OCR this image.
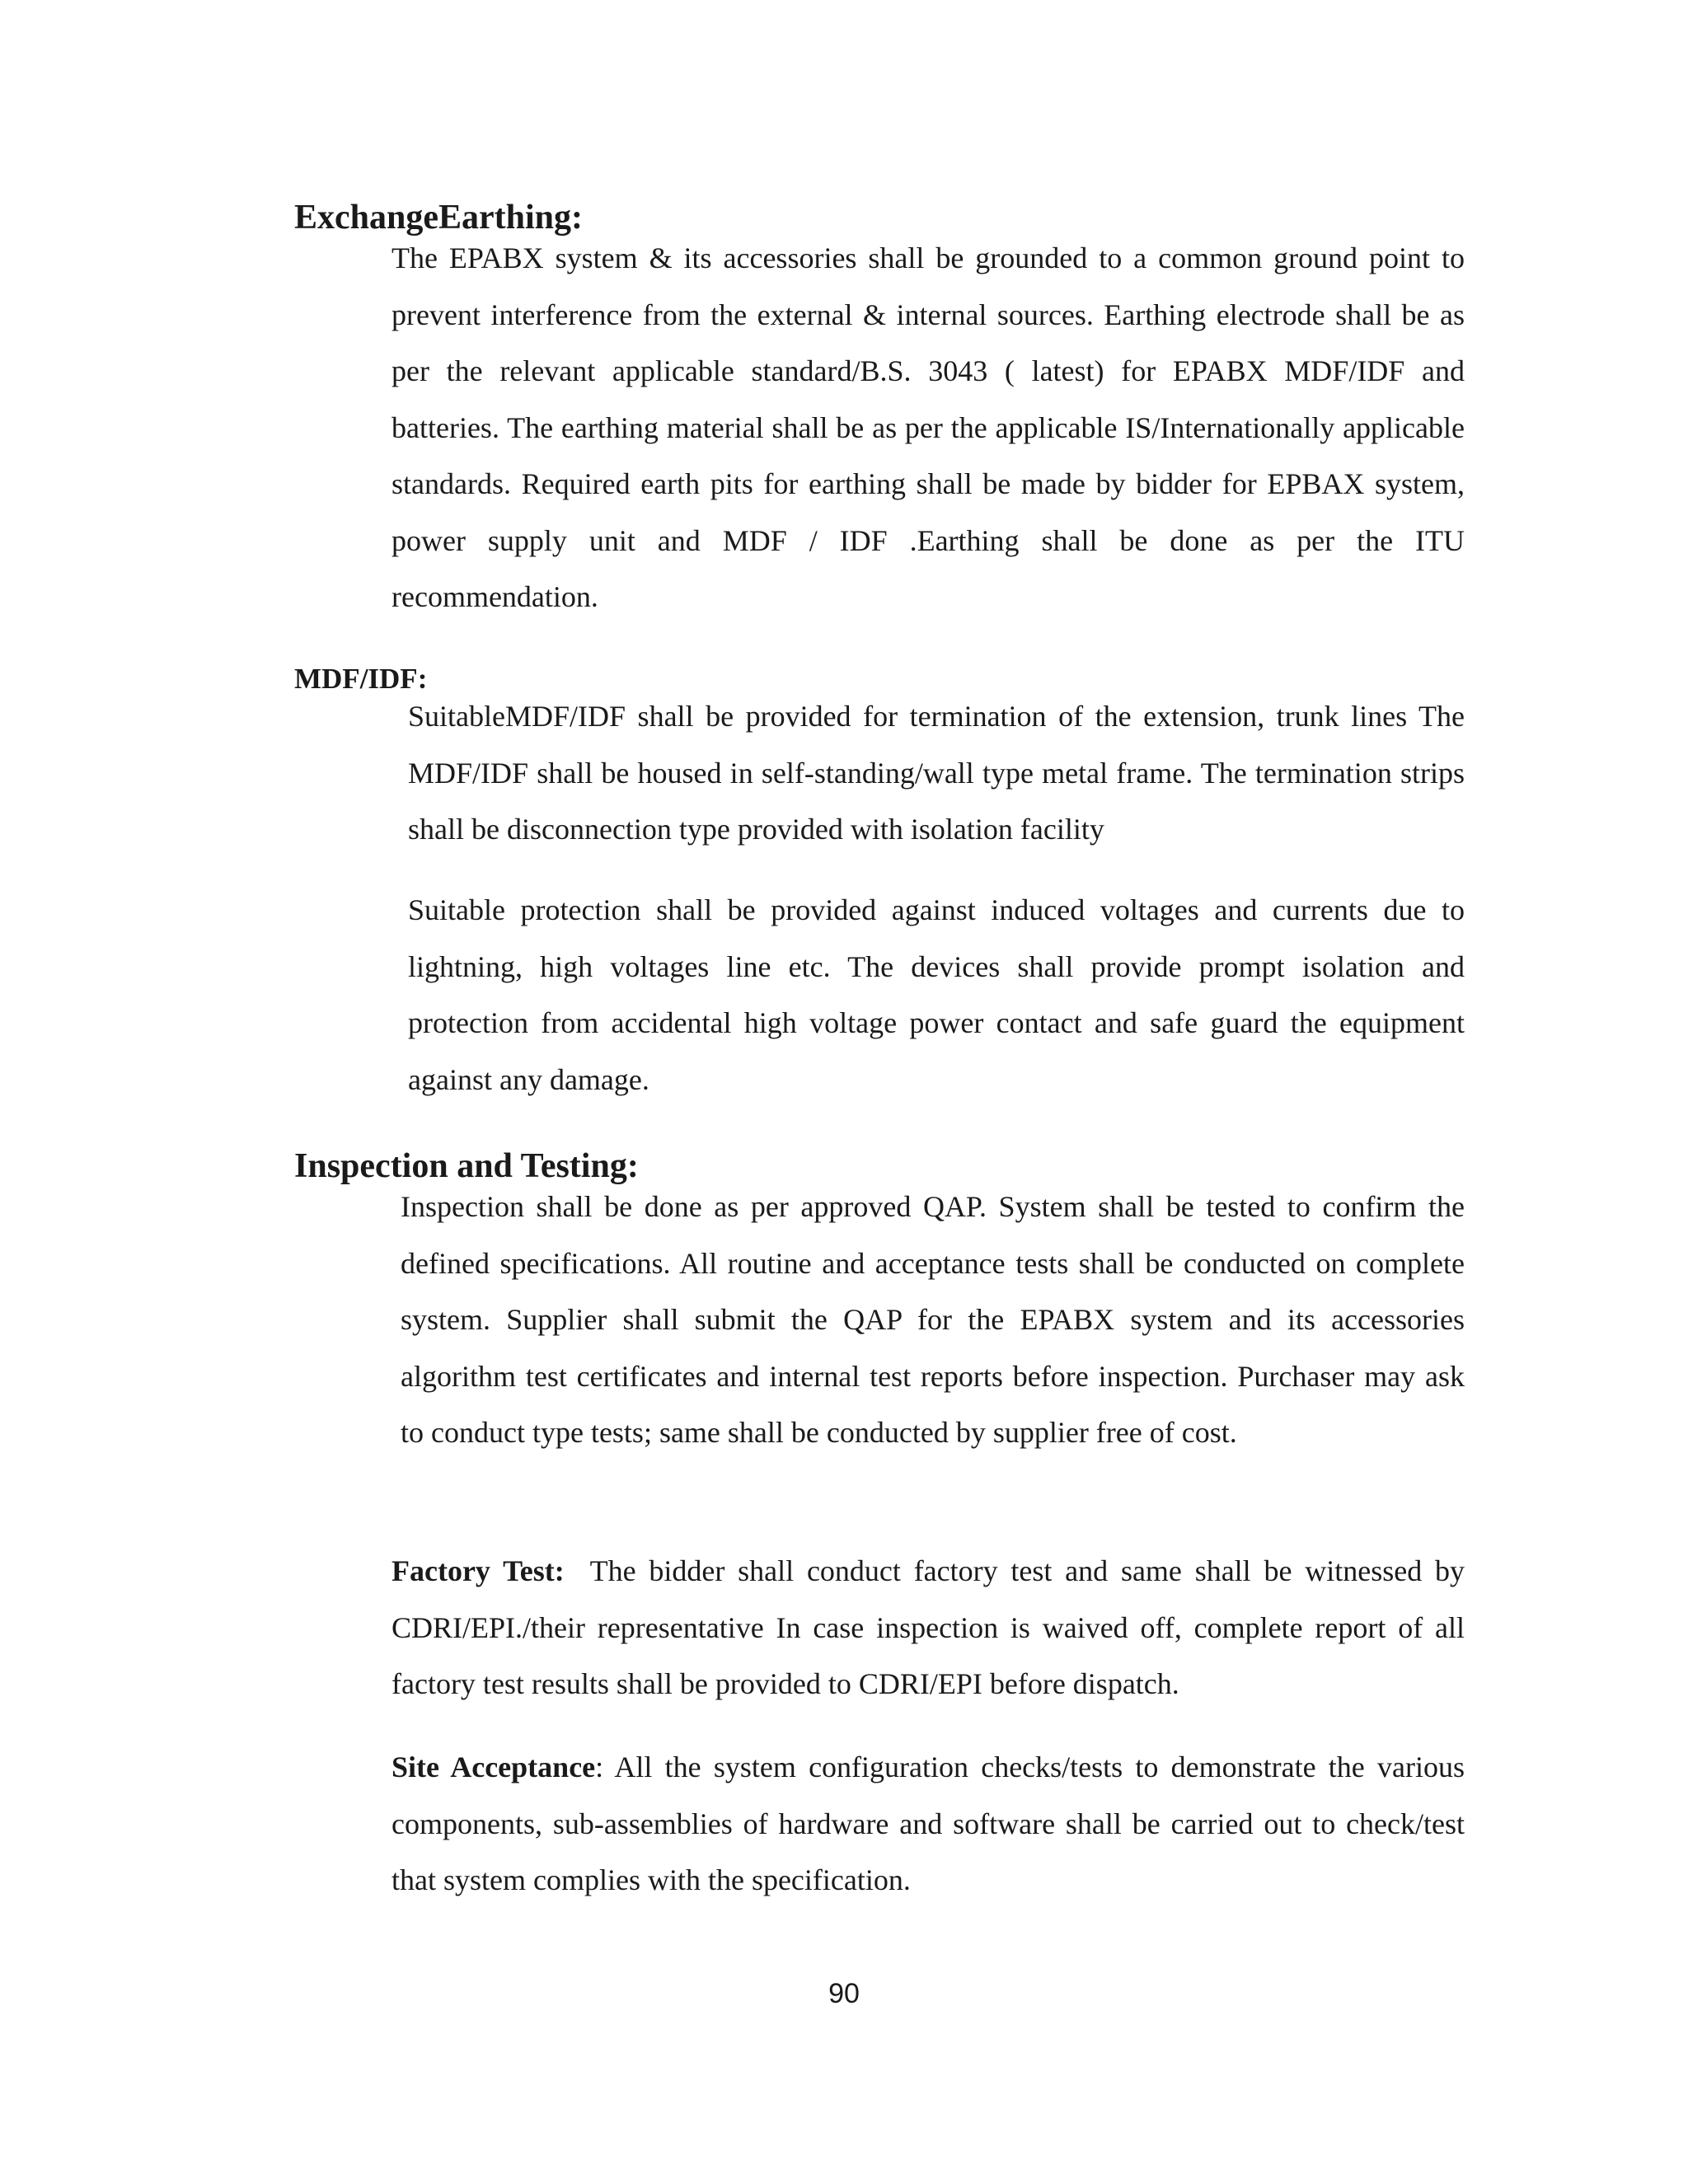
ExchangeEarthing:

The EPABX system & its accessories shall be grounded to a common ground point to prevent interference from the external & internal sources. Earthing electrode shall be as per the relevant applicable standard/B.S. 3043 ( latest) for EPABX MDF/IDF and batteries. The earthing material shall be as per the applicable IS/Internationally applicable standards. Required earth pits for earthing shall be made by bidder for EPBAX system, power supply unit and MDF / IDF .Earthing shall be done as per the ITU recommendation.

MDF/IDF:

SuitableMDF/IDF shall be provided for termination of the extension, trunk lines The MDF/IDF shall be housed in self-standing/wall type metal frame. The termination strips shall be disconnection type provided with isolation facility

Suitable protection shall be provided against induced voltages and currents due to lightning, high voltages line etc. The devices shall provide prompt isolation and protection from accidental high voltage power contact and safe guard the equipment against any damage.

Inspection and Testing:

Inspection shall be done as per approved QAP. System shall be tested to confirm the defined specifications. All routine and acceptance tests shall be conducted on complete system. Supplier shall submit the QAP for the EPABX system and its accessories algorithm test certificates and internal test reports before inspection. Purchaser may ask to conduct type tests; same shall be conducted by supplier free of cost.

Factory Test: The bidder shall conduct factory test and same shall be witnessed by CDRI/EPI./their representative In case inspection is waived off, complete report of all factory test results shall be provided to CDRI/EPI before dispatch.

Site Acceptance: All the system configuration checks/tests to demonstrate the various components, sub-assemblies of hardware and software shall be carried out to check/test that system complies with the specification.

90
